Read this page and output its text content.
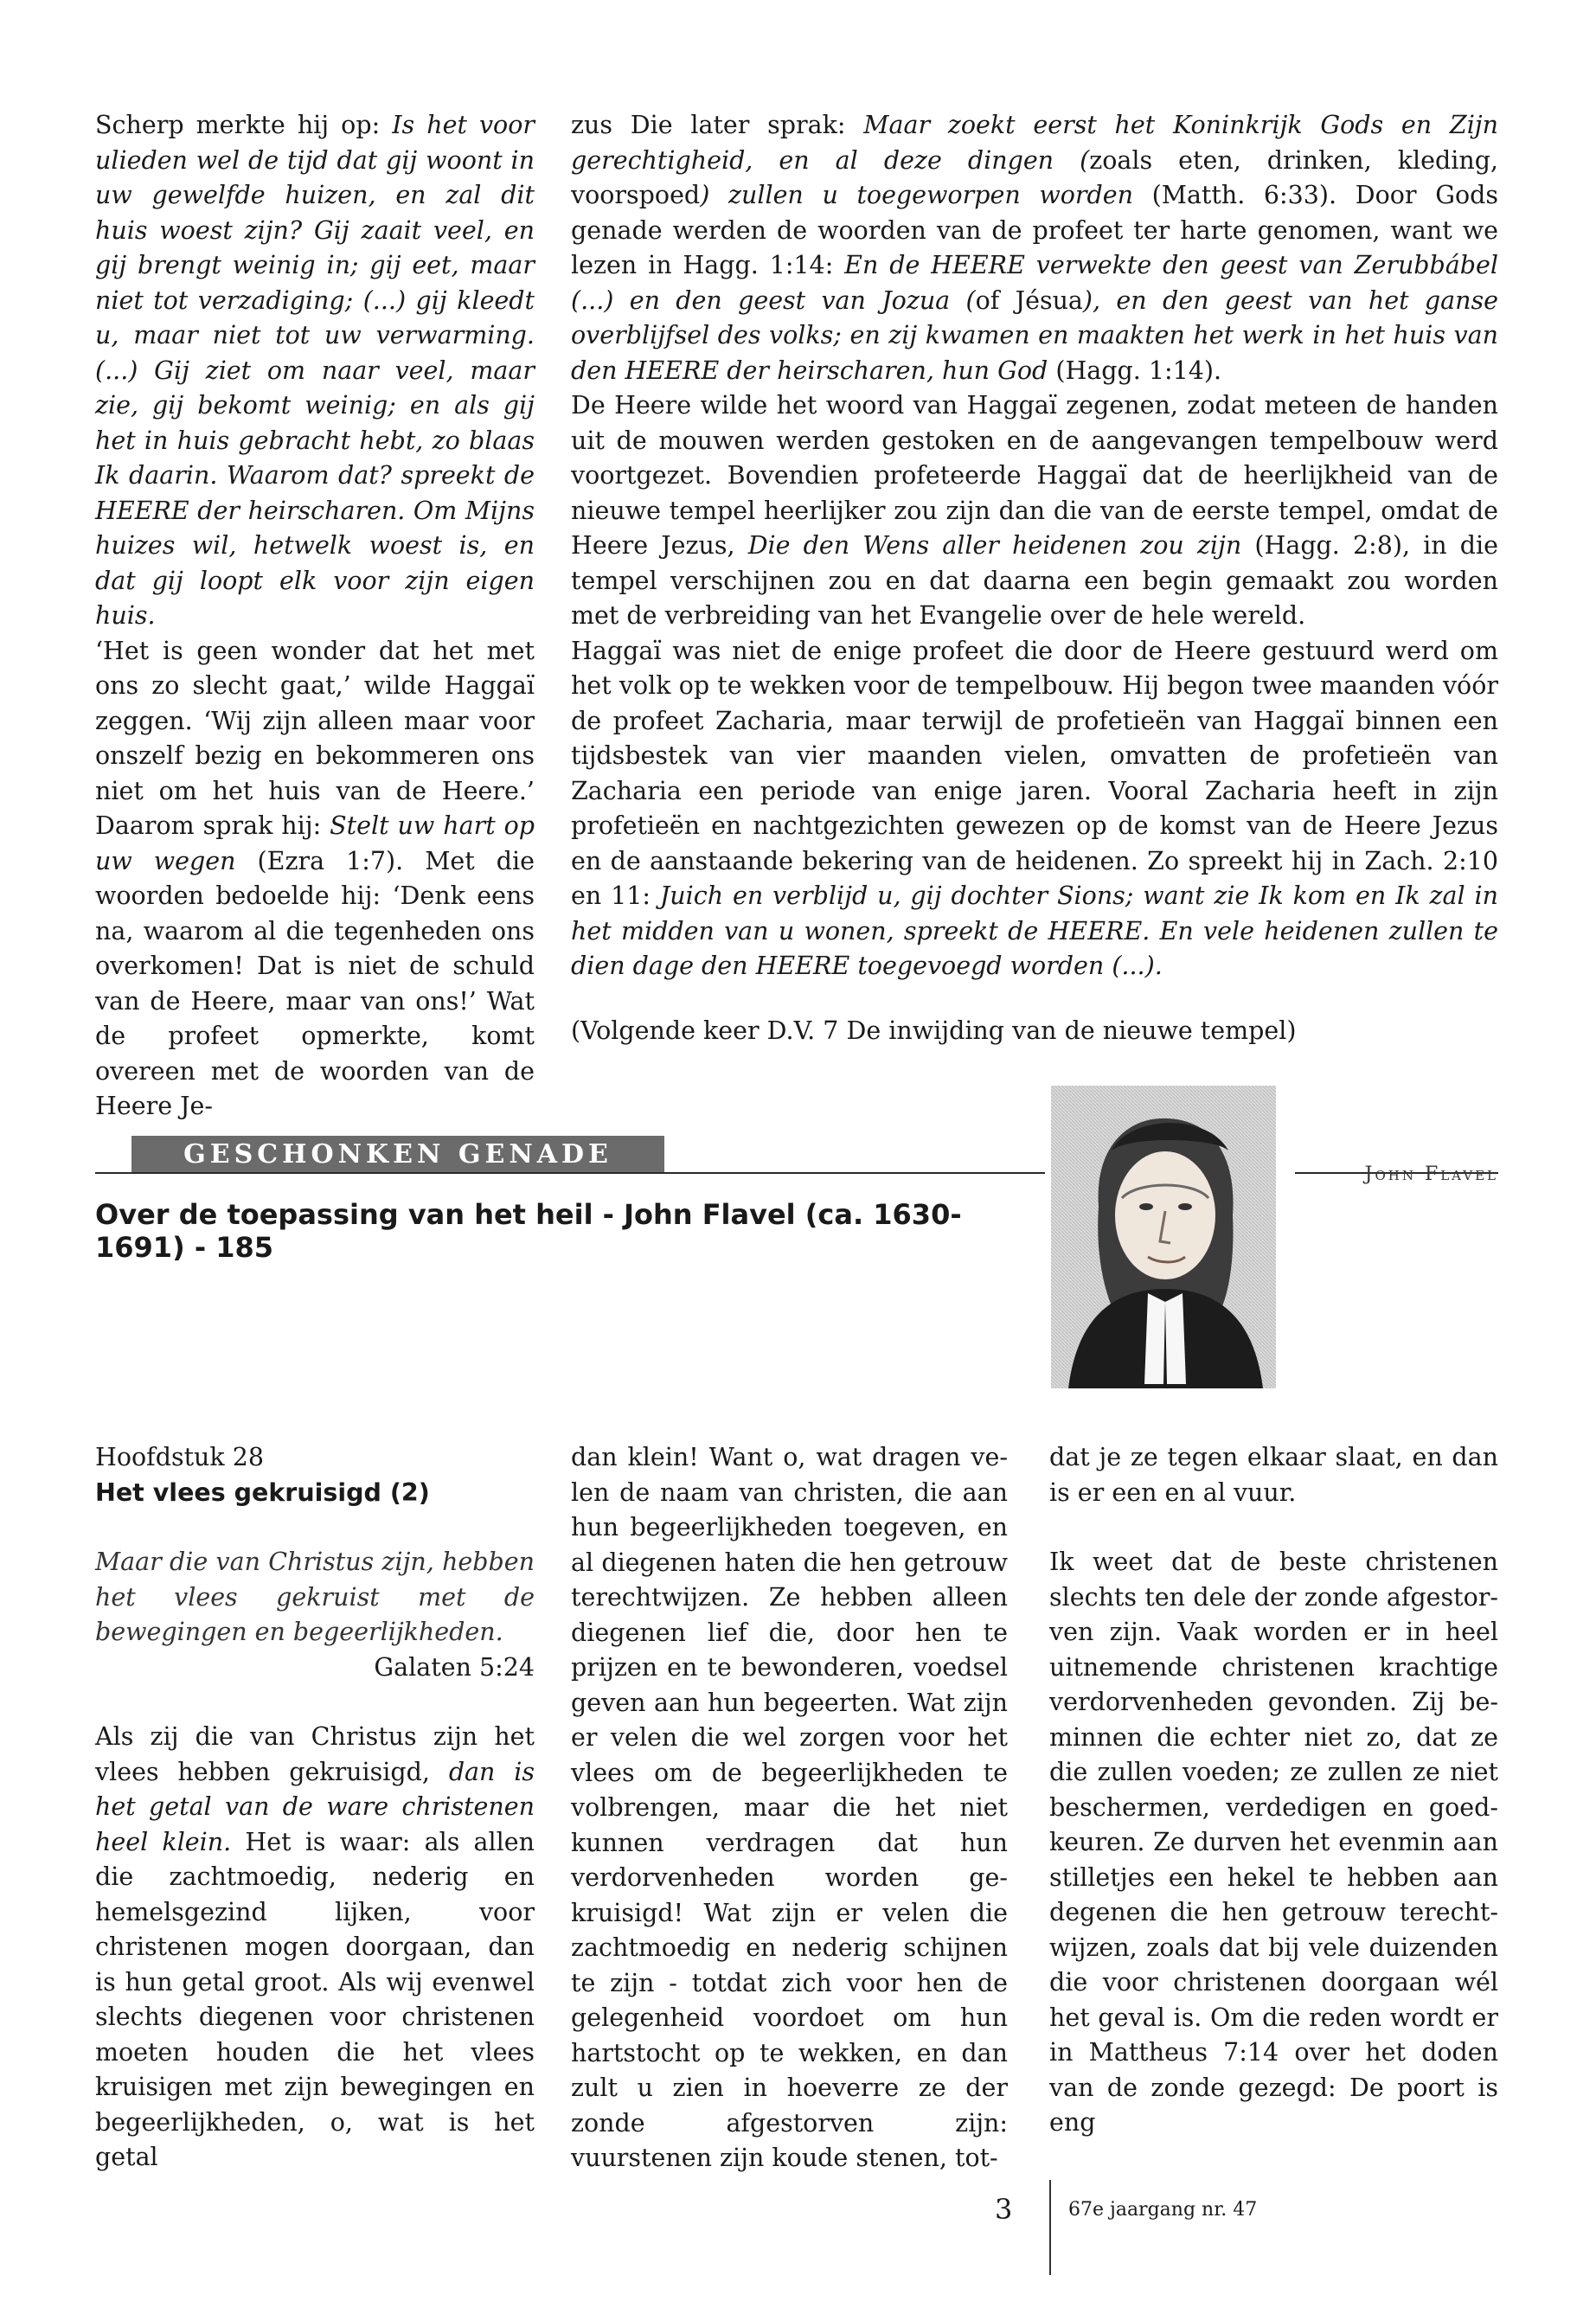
Scherp merkte hij op: Is het voor ulieden wel de tijd dat gij woont in uw gewelfde huizen, en zal dit huis woest zijn? Gij zaait veel, en gij brengt weinig in; gij eet, maar niet tot verzadiging; (...) gij kleedt u, maar niet tot uw verwarming. (...) Gij ziet om naar veel, maar zie, gij bekomt weinig; en als gij het in huis gebracht hebt, zo blaas Ik daarin. Waarom dat? spreekt de HEERE der heirscharen. Om Mijns huizes wil, hetwelk woest is, en dat gij loopt elk voor zijn eigen huis.

‘Het is geen wonder dat het met ons zo slecht gaat,’ wilde Haggaï zeggen. ‘Wij zijn alleen maar voor onszelf bezig en bekommeren ons niet om het huis van de Heere.’ Daarom sprak hij: Stelt uw hart op uw wegen (Ezra 1:7). Met die woorden bedoelde hij: ‘Denk eens na, waarom al die tegenheden ons overkomen! Dat is niet de schuld van de Heere, maar van ons!’ Wat de profeet opmerkte, komt overeen met de woorden van de Heere Je-

zus Die later sprak: Maar zoekt eerst het Koninkrijk Gods en Zijn gerechtigheid, en al deze dingen (zoals eten, drinken, kleding, voorspoed) zullen u toegeworpen worden (Matth. 6:33). Door Gods genade werden de woorden van de profeet ter harte genomen, want we lezen in Hagg. 1:14: En de HEERE verwekte den geest van Zerubbábel (...) en den geest van Jozua (of Jésua), en den geest van het ganse overblijfsel des volks; en zij kwamen en maakten het werk in het huis van den HEERE der heirscharen, hun God (Hagg. 1:14).

De Heere wilde het woord van Haggaï zegenen, zodat meteen de handen uit de mouwen werden gestoken en de aangevangen tempelbouw werd voortgezet. Bovendien profeteerde Haggaï dat de heerlijkheid van de nieuwe tempel heerlijker zou zijn dan die van de eerste tempel, omdat de Heere Jezus, Die den Wens aller heidenen zou zijn (Hagg. 2:8), in die tempel verschijnen zou en dat daarna een begin gemaakt zou worden met de verbreiding van het Evangelie over de hele wereld.

Haggaï was niet de enige profeet die door de Heere gestuurd werd om het volk op te wekken voor de tempelbouw. Hij begon twee maanden vóór de profeet Zacharia, maar terwijl de profetieën van Haggaï binnen een tijdsbestek van vier maanden vielen, omvatten de profetieën van Zacharia een periode van enige jaren. Vooral Zacharia heeft in zijn profetieën en nachtgezichten gewezen op de komst van de Heere Jezus en de aanstaande bekering van de heidenen. Zo spreekt hij in Zach. 2:10 en 11: Juich en verblijd u, gij dochter Sions; want zie Ik kom en Ik zal in het midden van u wonen, spreekt de HEERE. En vele heidenen zullen te dien dage den HEERE toegevoegd worden (...).

(Volgende keer D.V. 7 De inwijding van de nieuwe tempel)

GESCHONKEN GENADE
John Flavel
Over de toepassing van het heil - John Flavel (ca. 1630-1691) - 185

Hoofdstuk 28

Het vlees gekruisigd (2)

Maar die van Christus zijn, hebben het vlees gekruist met de bewegingen en begeerlijkheden.

Galaten 5:24

Als zij die van Christus zijn het vlees hebben gekruisigd, dan is het getal van de ware christenen heel klein. Het is waar: als allen die zachtmoedig, nederig en hemelsgezind lijken, voor christenen mogen doorgaan, dan is hun getal groot. Als wij evenwel slechts diegenen voor christenen moeten houden die het vlees kruisigen met zijn bewegingen en begeerlijkheden, o, wat is het getal

dan klein! Want o, wat dragen velen de naam van christen, die aan hun begeerlijkheden toegeven, en al diegenen haten die hen getrouw terechtwijzen. Ze hebben alleen diegenen lief die, door hen te prijzen en te bewonderen, voedsel geven aan hun begeerten. Wat zijn er velen die wel zorgen voor het vlees om de begeerlijkheden te volbrengen, maar die het niet kunnen verdragen dat hun verdorvenheden worden gekruisigd! Wat zijn er velen die zachtmoedig en nederig schijnen te zijn - totdat zich voor hen de gelegenheid voordoet om hun hartstocht op te wekken, en dan zult u zien in hoeverre ze der zonde afgestorven zijn: vuurstenen zijn koude stenen, tot-

dat je ze tegen elkaar slaat, en dan is er een en al vuur.

Ik weet dat de beste christenen slechts ten dele der zonde afgestorven zijn. Vaak worden er in heel uitnemende christenen krachtige verdorvenheden gevonden. Zij beminnen die echter niet zo, dat ze die zullen voeden; ze zullen ze niet beschermen, verdedigen en goedkeuren. Ze durven het evenmin aan stilletjes een hekel te hebben aan degenen die hen getrouw terechtwijzen, zoals dat bij vele duizenden die voor christenen doorgaan wél het geval is. Om die reden wordt er in Mattheus 7:14 over het doden van de zonde gezegd: De poort is eng

3	67e jaargang nr. 47
